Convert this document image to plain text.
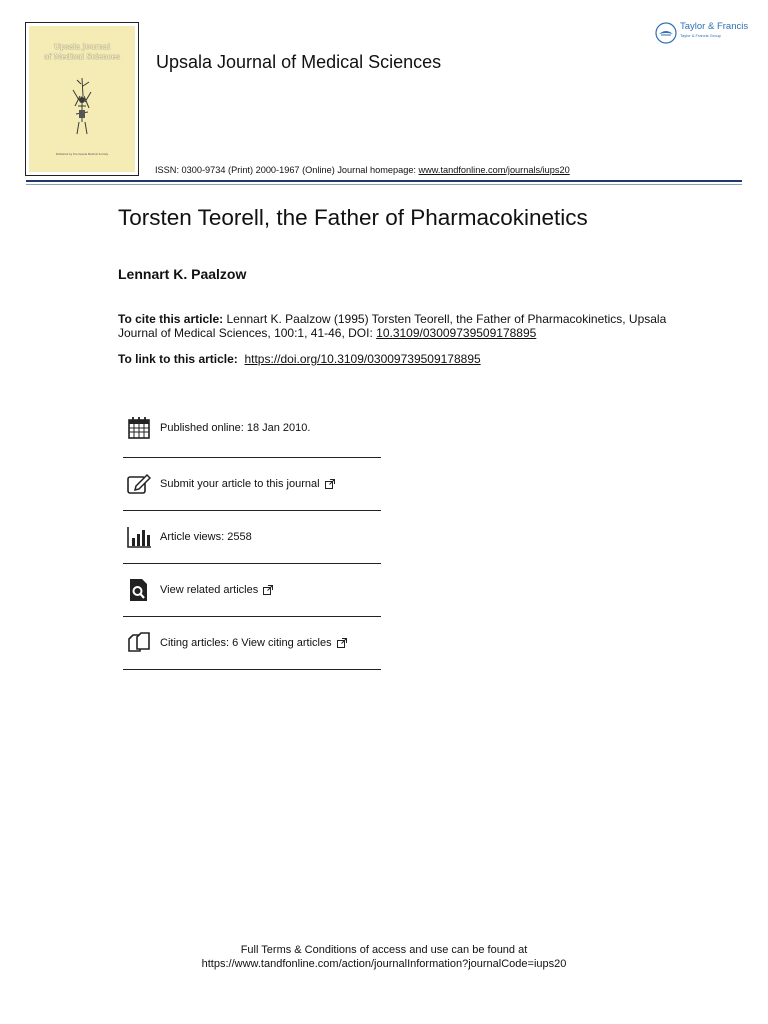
Upsala Journal
of Medical Sciences
Published by the Upsala Medical Society
Upsala Journal of Medical Sciences
Taylor & Francis
Taylor & Francis Group
ISSN: 0300-9734 (Print) 2000-1967 (Online) Journal homepage: www.tandfonline.com/journals/iups20
Torsten Teorell, the Father of Pharmacokinetics
Lennart K. Paalzow
To cite this article: Lennart K. Paalzow (1995) Torsten Teorell, the Father of Pharmacokinetics, Upsala Journal of Medical Sciences, 100:1, 41-46, DOI: 10.3109/03009739509178895
To link to this article: https://doi.org/10.3109/03009739509178895
Published online: 18 Jan 2010.
Submit your article to this journal
Article views: 2558
View related articles
Citing articles: 6 View citing articles
Full Terms & Conditions of access and use can be found at
https://www.tandfonline.com/action/journalInformation?journalCode=iups20
